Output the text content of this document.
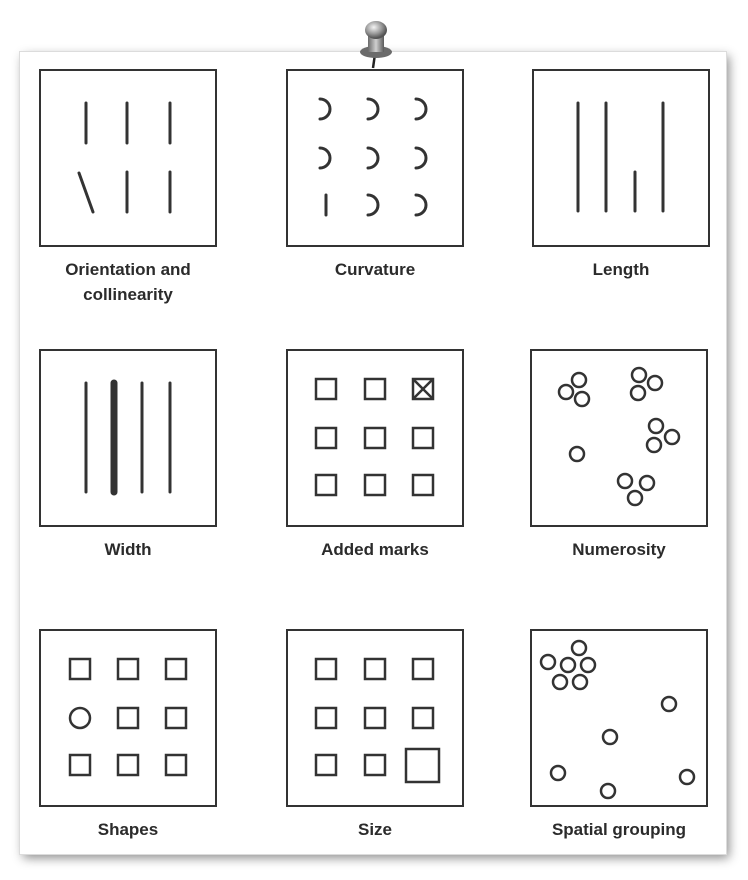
Orientation and
collinearity
Curvature	Length
Width	Added marks	Numerosity
Shapes	Size	Spatial grouping
